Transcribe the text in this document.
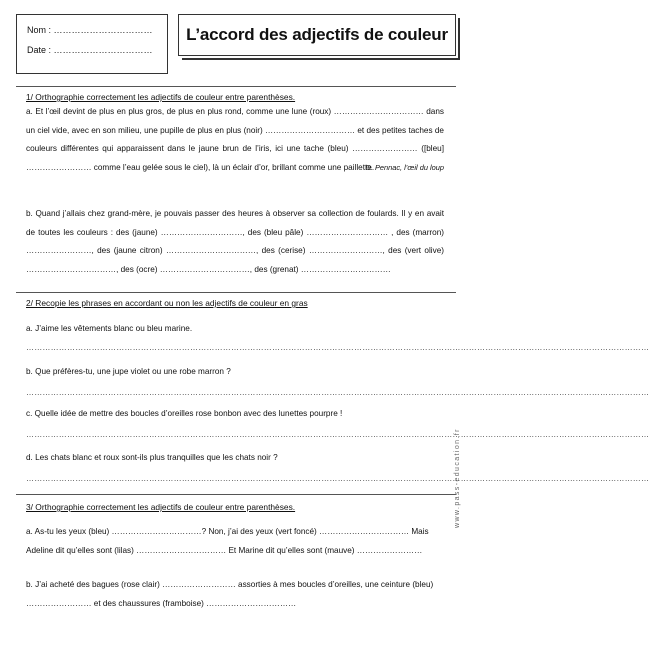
Nom : ……………………………
Date : ……………………………
L’accord des adjectifs de couleur
1/ Orthographie correctement les adjectifs de couleur entre parenthèses.
a. Et l’œil devint de plus en plus gros, de plus en plus rond, comme une lune (roux) …………………………… dans un ciel vide, avec en son milieu, une pupille de plus en plus (noir) …………………………… et des petites taches de couleurs différentes qui apparaissent dans le jaune brun de l’iris, ici une tache (bleu) …………………… ([bleu] …………………… comme l’eau gelée sous le ciel), là un éclair d’or, brillant comme une paillette.
D. Pennac, l’œil du loup
b. Quand j’allais chez grand-mère, je pouvais passer des heures à observer sa collection de foulards. Il y en avait de toutes les couleurs : des (jaune) …………………………, des (bleu pâle) ………………………… , des (marron) ……………………, des (jaune citron) ……………………………, des (cerise) ………………………, des (vert olive) ……………………………, des (ocre) ……………………………, des (grenat) ……………………………
2/ Recopie les phrases en accordant ou non les adjectifs de couleur en gras
a. J’aime les vêtements blanc ou bleu marine.
…………………………………………………………………………………………………………………………………………………………………………………………………………
b. Que préfères-tu, une jupe violet ou une robe marron ?
…………………………………………………………………………………………………………………………………………………………………………………………………………
c. Quelle idée de mettre des boucles d’oreilles rose bonbon avec des lunettes pourpre !
…………………………………………………………………………………………………………………………………………………………………………………………………………
d. Les chats blanc et roux sont-ils plus tranquilles que les chats noir ?
…………………………………………………………………………………………………………………………………………………………………………………………………………
3/ Orthographie correctement les adjectifs de couleur entre parenthèses.
a. As-tu les yeux (bleu) ……………………………? Non, j’ai des yeux (vert foncé) …………………………… Mais Adeline dit qu’elles sont (lilas) …………………………… Et Marine dit qu’elles sont (mauve) ……………………
b. J’ai acheté des bagues (rose clair) ……………………… assorties à mes boucles d’oreilles, une ceinture (bleu) …………………… et des chaussures (framboise) ……………………………
www.pass-education.fr
